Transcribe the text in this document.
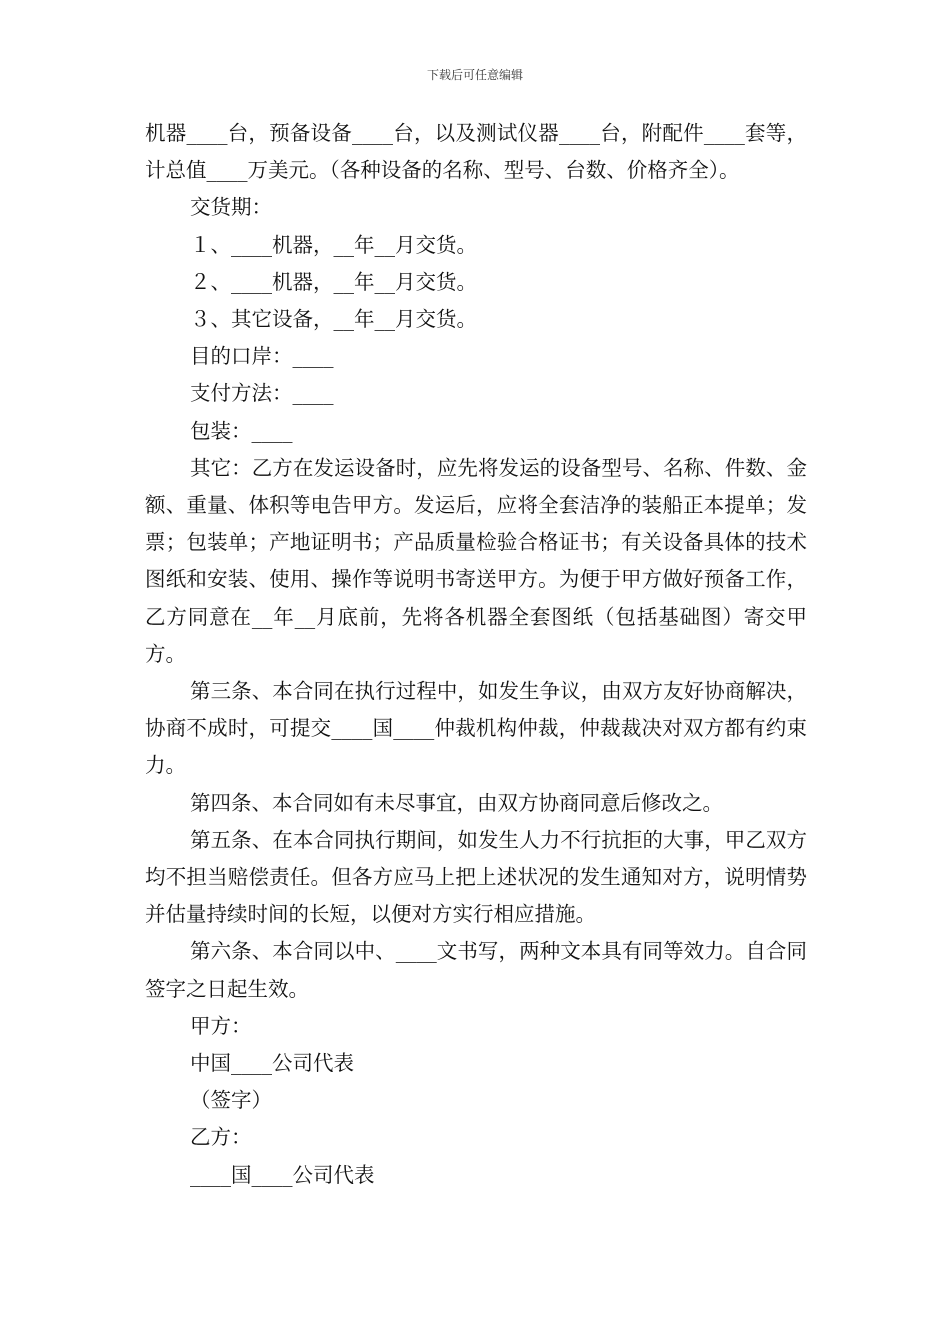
下载后可任意编辑

机器____台，预备设备____台，以及测试仪器____台，附配件____套等，计总值____万美元。（各种设备的名称、型号、台数、价格齐全）。

交货期：

１、____机器，__年__月交货。

２、____机器，__年__月交货。

３、其它设备，__年__月交货。

目的口岸：____

支付方法：____

包装：____

其它：乙方在发运设备时，应先将发运的设备型号、名称、件数、金额、重量、体积等电告甲方。发运后，应将全套洁净的装船正本提单；发票；包装单；产地证明书；产品质量检验合格证书；有关设备具体的技术图纸和安装、使用、操作等说明书寄送甲方。为便于甲方做好预备工作，乙方同意在__年__月底前，先将各机器全套图纸（包括基础图）寄交甲方。

第三条、本合同在执行过程中，如发生争议，由双方友好协商解决，协商不成时，可提交____国____仲裁机构仲裁，仲裁裁决对双方都有约束力。

第四条、本合同如有未尽事宜，由双方协商同意后修改之。

第五条、在本合同执行期间，如发生人力不行抗拒的大事，甲乙双方均不担当赔偿责任。但各方应马上把上述状况的发生通知对方，说明情势并估量持续时间的长短，以便对方实行相应措施。

第六条、本合同以中、____文书写，两种文本具有同等效力。自合同签字之日起生效。

甲方：

中国____公司代表

（签字）

乙方：

____国____公司代表
